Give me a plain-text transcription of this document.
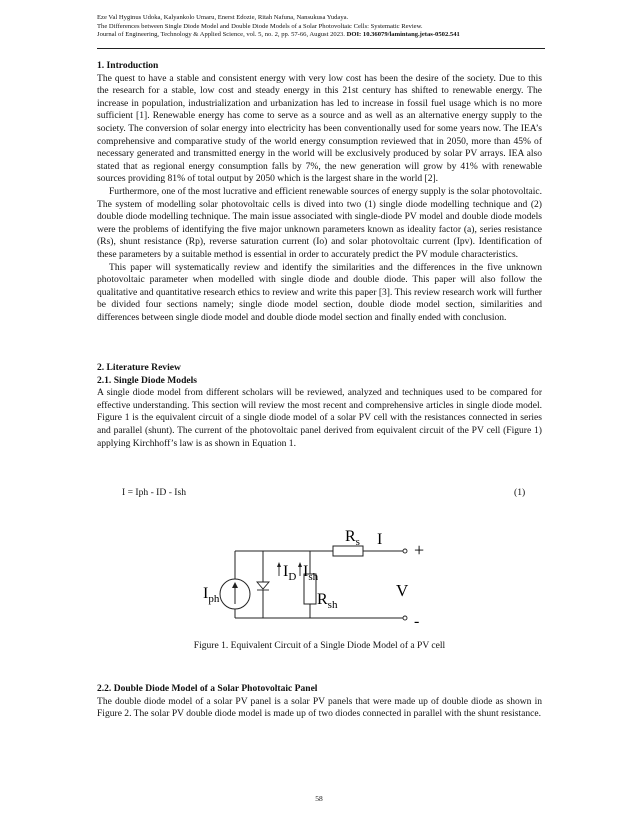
Eze Val Hyginus Udoka, Kalyankolo Umaru, Enerst Edozie, Ritah Nafuna, Nansukusa Yudaya.
The Differences between Single Diode Model and Double Diode Models of a Solar Photovoltaic Cells: Systematic Review.
Journal of Engineering, Technology & Applied Science, vol. 5, no. 2, pp. 57-66, August 2023. DOI: 10.36079/lamintang.jetas-0502.541
1. Introduction
The quest to have a stable and consistent energy with very low cost has been the desire of the society. Due to this the research for a stable, low cost and steady energy in this 21st century has shifted to renewable energy. The increase in population, industrialization and urbanization has led to increase in fossil fuel usage which is no more sufficient [1]. Renewable energy has come to serve as a source and as well as an alternative energy supply to the society. The conversion of solar energy into electricity has been conventionally used for some years now. The IEA’s comprehensive and comparative study of the world energy consumption reviewed that in 2050, more than 45% of necessary generated and transmitted energy in the world will be exclusively produced by solar PV arrays. IEA also stated that as regional energy consumption falls by 7%, the new generation will grow by 41% with renewable sources providing 81% of total output by 2050 which is the largest share in the world [2].
Furthermore, one of the most lucrative and efficient renewable sources of energy supply is the solar photovoltaic. The system of modelling solar photovoltaic cells is dived into two (1) single diode modelling technique and (2) double diode modelling technique. The main issue associated with single-diode PV model and double diode models were the problems of identifying the five major unknown parameters known as ideality factor (a), series resistance (Rs), shunt resistance (Rp), reverse saturation current (Io) and solar photovoltaic current (Ipv). Identification of these parameters by a suitable method is essential in order to accurately predict the PV module characteristics.
This paper will systematically review and identify the similarities and the differences in the five unknown photovoltaic parameter when modelled with single diode and double diode. This paper will also follow the qualitative and quantitative research ethics to review and write this paper [3]. This review research work will further be divided four sections namely; single diode model section, double diode model section, similarities and differences between single diode model and double diode model section and finally ended with conclusion.
2. Literature Review
2.1. Single Diode Models
A single diode model from different scholars will be reviewed, analyzed and techniques used to be compared for effective understanding. This section will review the most recent and comprehensive articles in single diode model. Figure 1 is the equivalent circuit of a single diode model of a solar PV cell with the resistances connected in series and parallel (shunt). The current of the photovoltaic panel derived from equivalent circuit of the PV cell (Figure 1) applying Kirchhoff’s law is as shown in Equation 1.
I = Iph - ID - Ish	(1)
$I_{ph}$
$I_D$ $I_{sh}$
$R_{sh}$
$R_s$ I
V
+
-
Figure 1. Equivalent Circuit of a Single Diode Model of a PV cell
2.2. Double Diode Model of a Solar Photovoltaic Panel
The double diode model of a solar PV panel is a solar PV panels that were made up of double diode as shown in Figure 2. The solar PV double diode model is made up of two diodes connected in parallel with the shunt resistance.
58
